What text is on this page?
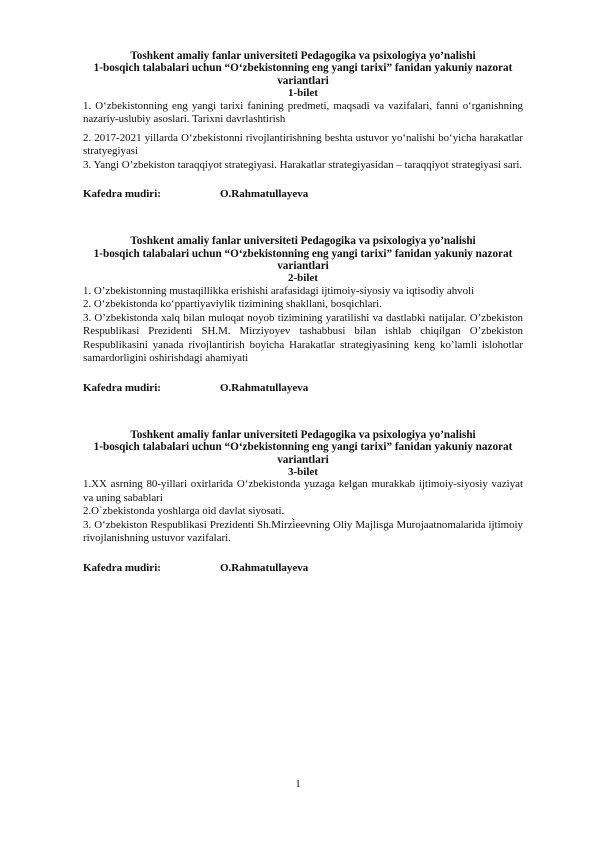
Toshkent amaliy fanlar universiteti Pedagogika va psixologiya yo’nalishi
1-bosqich talabalari uchun “O‘zbekistonning eng yangi tarixi” fanidan yakuniy nazorat
variantlari
1-bilet
1. O‘zbekistonning eng yangi tarixi fanining predmeti, maqsadi va vazifalari, fanni o‘rganishning nazariy-uslubiy asoslari. Tarixni davrlashtirish
2. 2017-2021 yillarda O‘zbekistonni rivojlantirishning beshta ustuvor yo‘nalishi bo‘yicha harakatlar stratyegiyasi
3. Yangi O’zbekiston taraqqiyot strategiyasi. Harakatlar strategiyasidan – taraqqiyot strategiyasi sari.
Kafedra mudiri:	O.Rahmatullayeva
Toshkent amaliy fanlar universiteti Pedagogika va psixologiya yo’nalishi
1-bosqich talabalari uchun “O‘zbekistonning eng yangi tarixi” fanidan yakuniy nazorat
variantlari
2-bilet
1. O’zbekistonning mustaqillikka erishishi arafasidagi ijtimoiy-siyosiy va iqtisodiy ahvoli
2. O‘zbekistonda ko‘ppartiyaviylik tizimining shakllani, bosqichlari.
3. O’zbekistonda xalq bilan muloqat noyob tizimining yaratilishi va dastlabki natijalar. O’zbekiston Respublikasi Prezidenti SH.M. Mirziyoyev tashabbusi bilan ishlab chiqilgan O’zbekiston Respublikasini yanada rivojlantirish boyicha Harakatlar strategiyasining keng ko’lamli islohotlar samardorligini oshirishdagi ahamiyati
Kafedra mudiri:	O.Rahmatullayeva
Toshkent amaliy fanlar universiteti Pedagogika va psixologiya yo’nalishi
1-bosqich talabalari uchun “O‘zbekistonning eng yangi tarixi” fanidan yakuniy nazorat
variantlari
3-bilet
1.XX asrning 80-yillari oxirlarida O‘zbekistonda yuzaga kelgan murakkab ijtimoiy-siyosiy vaziyat va uning sabablari
2.O`zbekistonda yoshlarga oid davlat siyosati.
3. O‘zbekiston Respublikasi Prezidenti Sh.Mirzi̇̀eevning Oliy Majlisga Murojaatnomalarida ijtimoiy rivojlanishning ustuvor vazifalari.
Kafedra mudiri:	O.Rahmatullayeva
1
